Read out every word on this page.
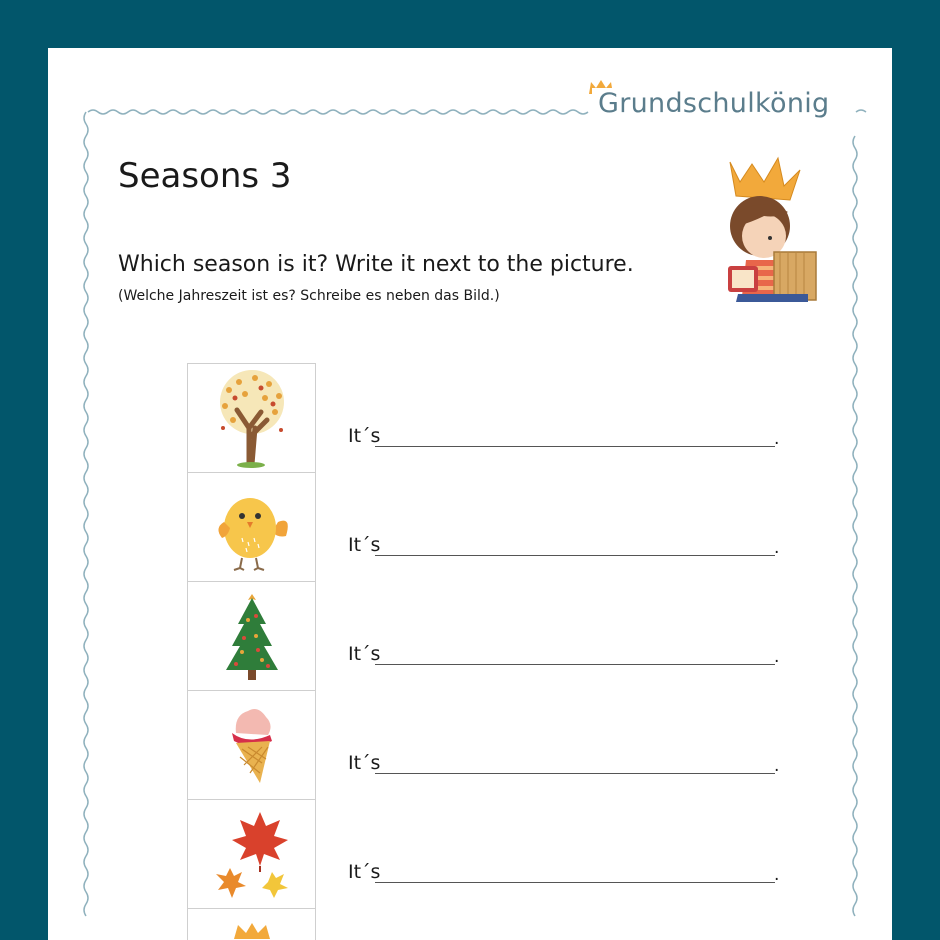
Grundschulkönig
Seasons 3

Which season is it? Write it next to the picture.

(Welche Jahreszeit ist es? Schreibe es neben das Bild.)

It´s	.
It´s	.
It´s	.
It´s	.
It´s	.
